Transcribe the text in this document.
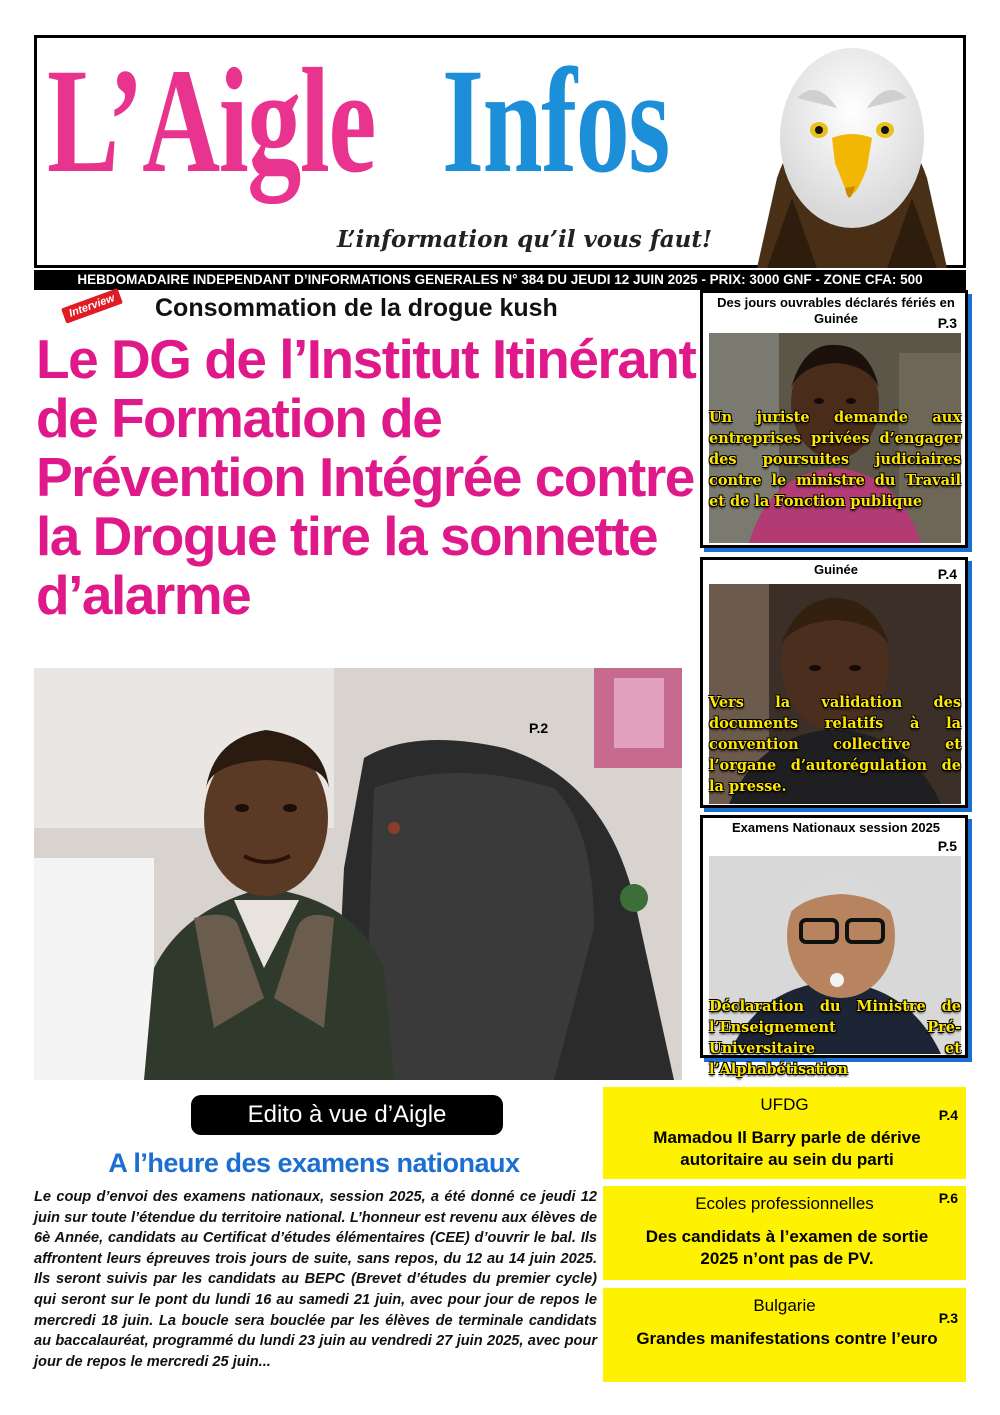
L’Aigle Infos
L’information qu’il vous faut!
HEBDOMADAIRE INDEPENDANT D’INFORMATIONS GENERALES N° 384 DU JEUDI 12 JUIN 2025 - PRIX: 3000 GNF - ZONE CFA: 500
Interview Consommation de la drogue kush
Le DG de l’Institut Itinérant de Formation de Prévention Intégrée contre la Drogue tire la sonnette d’alarme
P.2
Des jours ouvrables déclarés fériés en Guinée	P.3
Un juriste demande aux entreprises privées d’engager des poursuites judiciaires contre le ministre du Travail et de la Fonction publique
Guinée	P.4
Vers la validation des documents relatifs à la convention collective et l’organe d’autorégulation de la presse.
Examens Nationaux session 2025
P.5
Déclaration du Ministre de l’Enseignement Pré-Universitaire et l’Alphabétisation
Edito à vue d’Aigle
A l’heure des examens nationaux

Le coup d’envoi des examens nationaux, session 2025, a été donné ce jeudi 12 juin sur toute l’étendue du territoire national. L’honneur est revenu aux élèves de 6è Année, candidats au Certificat d’études élémentaires (CEE) d’ouvrir le bal. Ils affrontent leurs épreuves trois jours de suite, sans repos, du 12 au 14 juin 2025. Ils seront suivis par les candidats au BEPC (Brevet d’études du premier cycle) qui seront sur le pont du lundi 16 au samedi 21 juin, avec pour jour de repos le mercredi 18 juin. La boucle sera bouclée par les élèves de terminale candidats au baccalauréat, programmé du lundi 23 juin au vendredi 27 juin 2025, avec pour jour de repos le mercredi 25 juin...

UFDG
P.4
Mamadou Il Barry parle de dérive autoritaire au sein du parti
Ecoles professionnelles	P.6
Des candidats à l’examen de sortie 2025 n’ont pas de PV.
Bulgarie
P.3
Grandes manifestations contre l’euro
